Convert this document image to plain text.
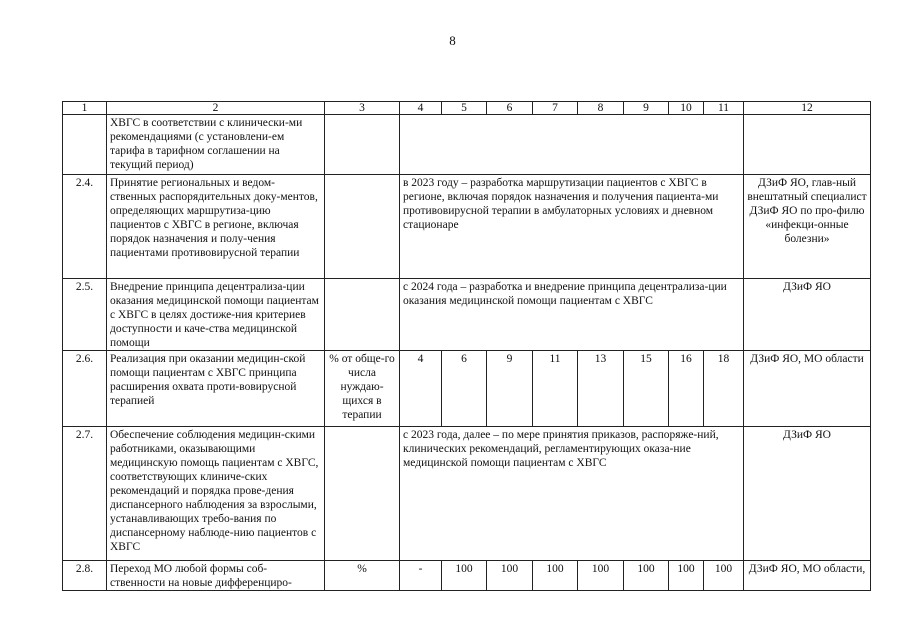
8
1	2	3	4	5	6	7	8	9	10	11	12
	ХВГС в соответствии с клинически-ми рекомендациями (с установлени-ем тарифа в тарифном соглашении на текущий период)										
2.4.	Принятие региональных и ведом-ственных распорядительных доку-ментов, определяющих маршрутиза-цию пациентов с ХВГС в регионе, включая порядок назначения и полу-чения пациентами противовирусной терапии		в 2023 году – разработка маршрутизации пациентов с ХВГС в регионе, включая порядок назначения и получения пациента-ми противовирусной терапии в амбулаторных условиях и дневном стационаре								ДЗиФ ЯО, глав-ный внештатный специалист ДЗиФ ЯО по про-филю «инфекци-онные болезни»
2.5.	Внедрение принципа децентрализа-ции оказания медицинской помощи пациентам с ХВГС в целях достиже-ния критериев доступности и каче-ства медицинской помощи		с 2024 года – разработка и внедрение принципа децентрализа-ции оказания медицинской помощи пациентам с ХВГС								ДЗиФ ЯО
2.6.	Реализация при оказании медицин-ской помощи пациентам с ХВГС принципа расширения охвата проти-вовирусной терапией	% от обще-го числа нуждаю-щихся в терапии	4	6	9	11	13	15	16	18	ДЗиФ ЯО, МО области
2.7.	Обеспечение соблюдения медицин-скими работниками, оказывающими медицинскую помощь пациентам с ХВГС, соответствующих клиниче-ских рекомендаций и порядка прове-дения диспансерного наблюдения за взрослыми, устанавливающих требо-вания по диспансерному наблюде-нию пациентов с ХВГС		с 2023 года, далее – по мере принятия приказов, распоряже-ний, клинических рекомендаций, регламентирующих оказа-ние медицинской помощи пациентам с ХВГС								ДЗиФ ЯО
2.8.	Переход МО любой формы соб-ственности на новые дифференциро-	%	-	100	100	100	100	100	100	100	ДЗиФ ЯО, МО области,
